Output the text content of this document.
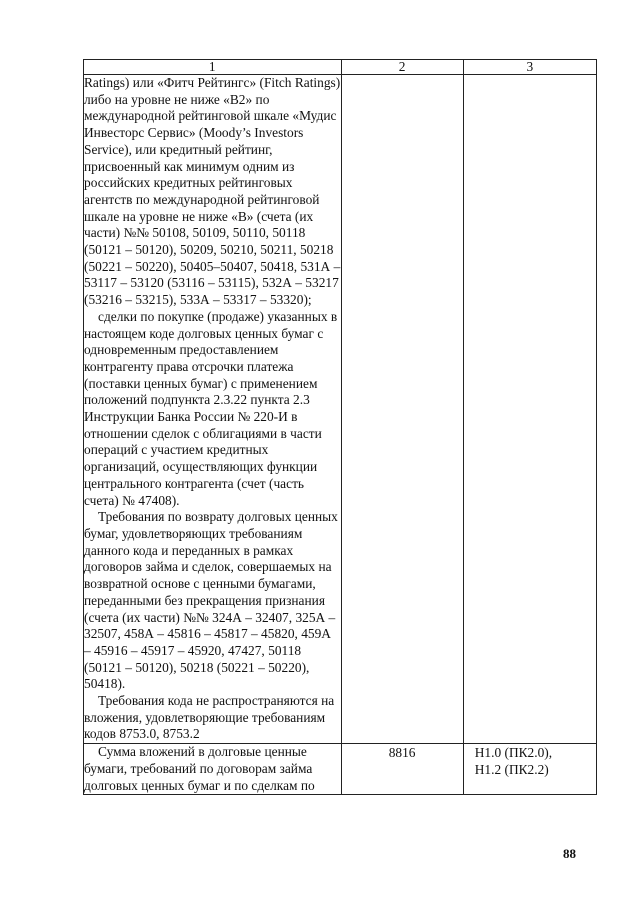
1	2	3

Ratings) или «Фитч Рейтингс» (Fitch Ratings) либо на уровне не ниже «B2» по международной рейтинговой шкале «Мудис Инвесторс Сервис» (Moody’s Investors Service), или кредитный рейтинг, присвоенный как минимум одним из российских кредитных рейтинговых агентств по международной рейтинговой шкале на уровне не ниже «B» (счета (их части) №№ 50108, 50109, 50110, 50118 (50121 – 50120), 50209, 50210, 50211, 50218 (50221 – 50220), 50405–50407, 50418, 531А – 53117 – 53120 (53116 – 53115), 532А – 53217 (53216 – 53215), 533А – 53317 – 53320);

сделки по покупке (продаже) указанных в настоящем коде долговых ценных бумаг с одновременным предоставлением контрагенту права отсрочки платежа (поставки ценных бумаг) с применением положений подпункта 2.3.22 пункта 2.3 Инструкции Банка России № 220-И в отношении сделок с облигациями в части операций с участием кредитных организаций, осуществляющих функции центрального контрагента (счет (часть счета) № 47408).

Требования по возврату долговых ценных бумаг, удовлетворяющих требованиям данного кода и переданных в рамках договоров займа и сделок, совершаемых на возвратной основе с ценными бумагами, переданными без прекращения признания (счета (их части) №№ 324А – 32407, 325А – 32507, 458А – 45816 – 45817 – 45820, 459А – 45916 – 45917 – 45920, 47427, 50118 (50121 – 50120), 50218 (50221 – 50220), 50418).

Требования кода не распространяются на вложения, удовлетворяющие требованиям кодов 8753.0, 8753.2		

Сумма вложений в долговые ценные бумаги, требований по договорам займа долговых ценных бумаг и по сделкам по	8816	Н1.0 (ПК2.0),
Н1.2 (ПК2.2)
88
